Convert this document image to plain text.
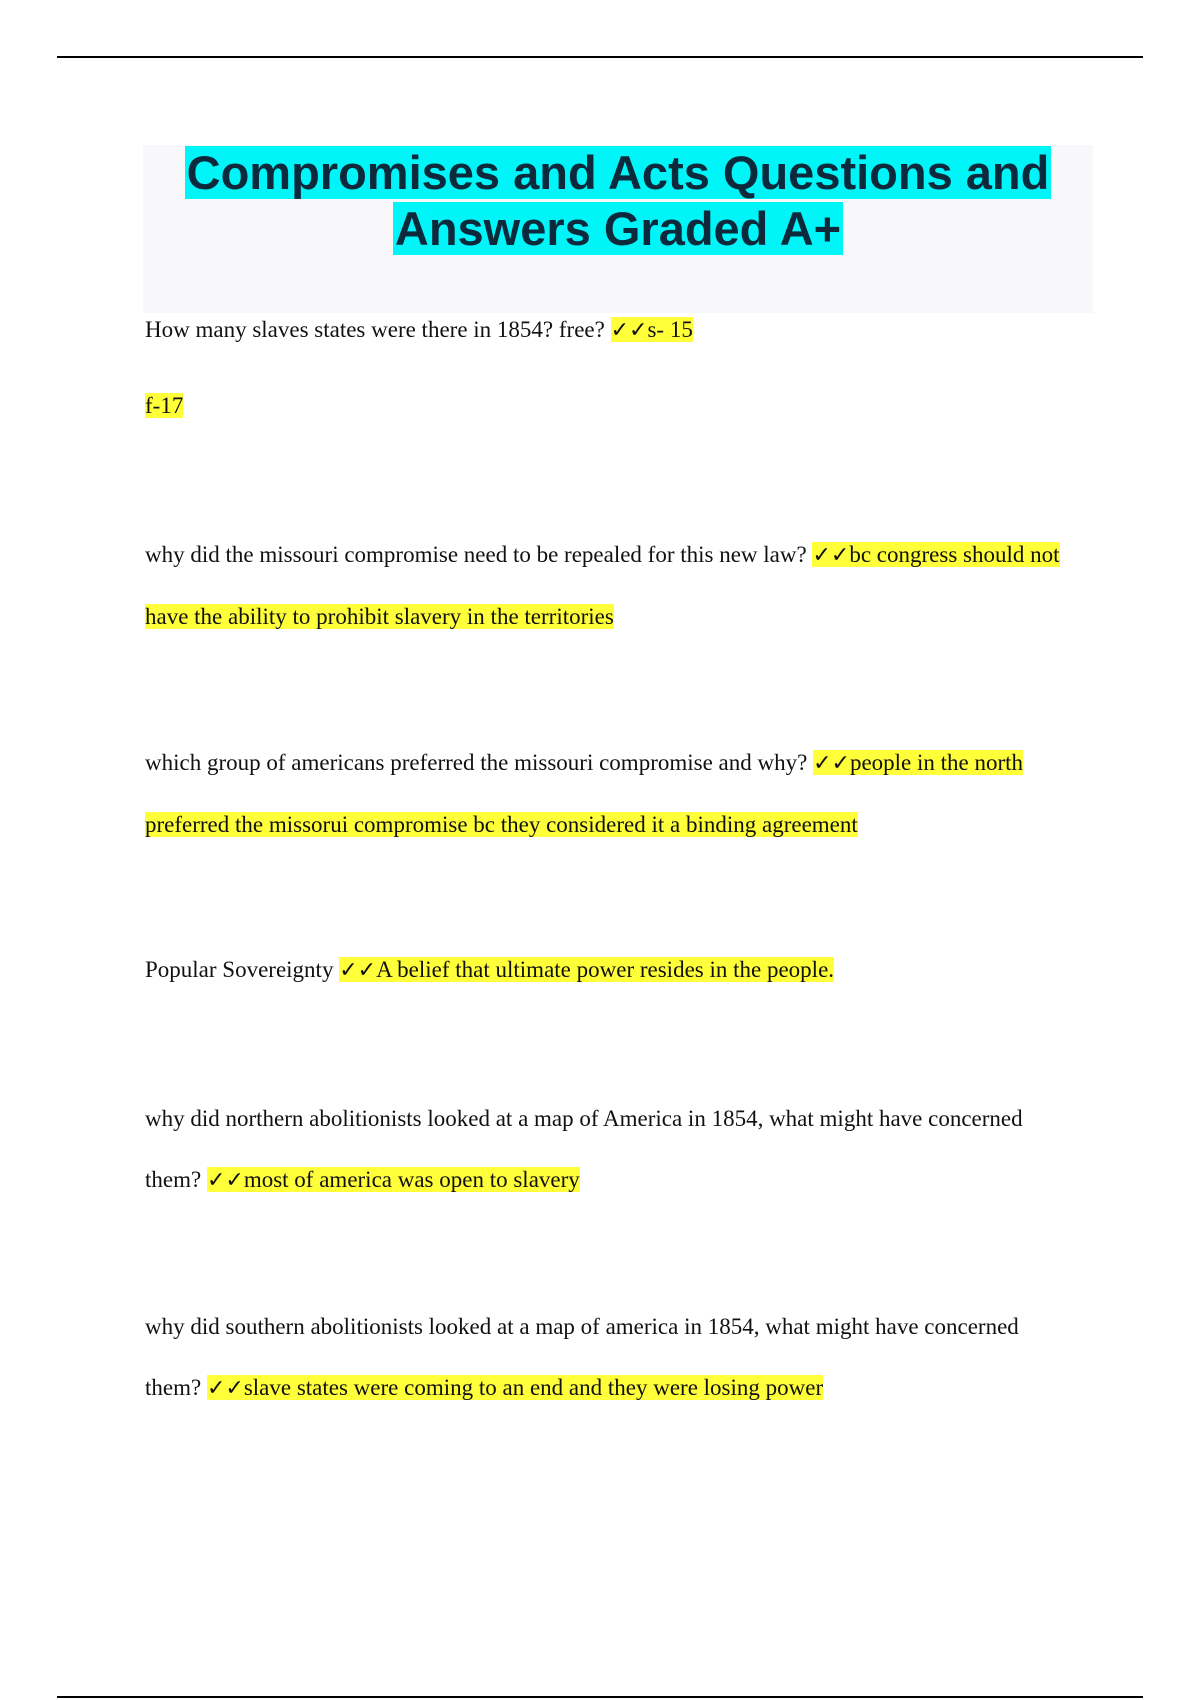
Compromises and Acts Questions and
Answers Graded A+

How many slaves states were there in 1854? free? ✓✓s- 15

f-17

why did the missouri compromise need to be repealed for this new law? ✓✓bc congress should not have the ability to prohibit slavery in the territories

which group of americans preferred the missouri compromise and why? ✓✓people in the north preferred the missorui compromise bc they considered it a binding agreement

Popular Sovereignty ✓✓A belief that ultimate power resides in the people.

why did northern abolitionists looked at a map of America in 1854, what might have concerned them? ✓✓most of america was open to slavery

why did southern abolitionists looked at a map of america in 1854, what might have concerned them? ✓✓slave states were coming to an end and they were losing power
